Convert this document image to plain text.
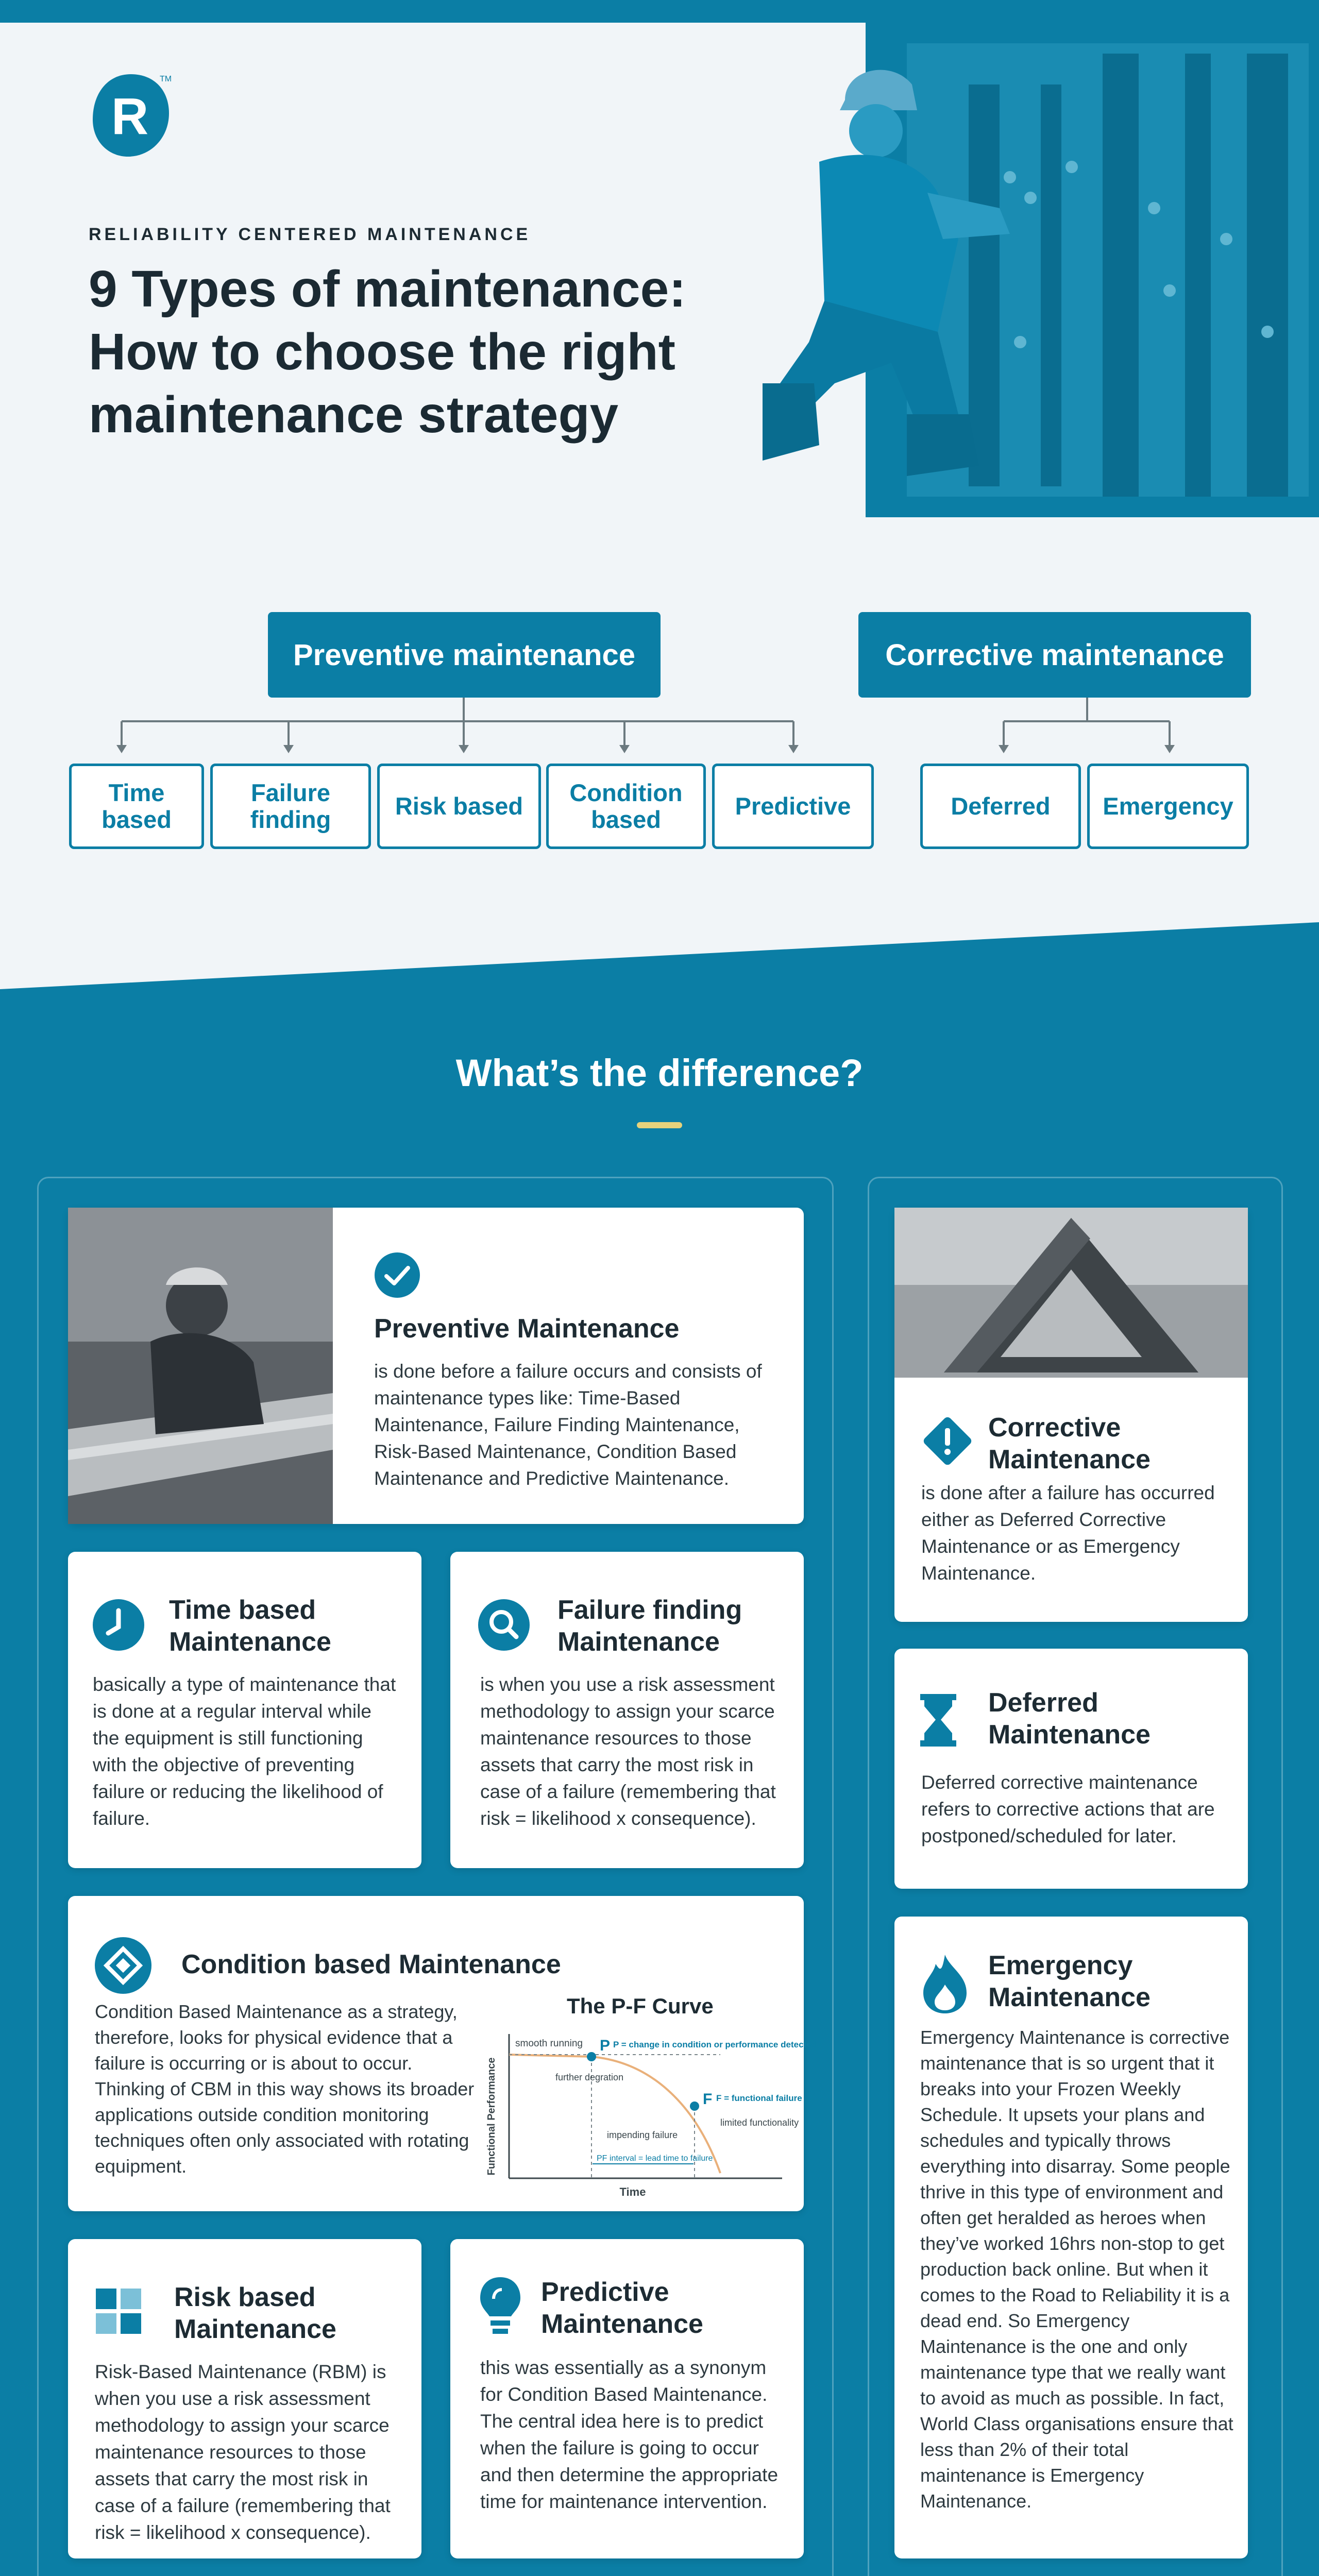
R
TM
RELIABILITY CENTERED MAINTENANCE
9 Types of maintenance:
How to choose the right
maintenance strategy
Preventive maintenance	Corrective maintenance
Time based
Failure finding	Risk based	Condition based	Predictive	Deferred	Emergency
What’s the difference?
Preventive Maintenance

is done before a failure occurs and consists of maintenance types like: Time-Based Maintenance, Failure Finding Maintenance, Risk-Based Maintenance, Condition Based Maintenance and Predictive Maintenance.

Time based
Maintenance

basically a type of maintenance that is done at a regular interval while the equipment is still functioning with the objective of preventing failure or reducing the likelihood of failure.

Failure finding
Maintenance

is when you use a risk assessment methodology to assign your scarce maintenance resources to those assets that carry the most risk in case of a failure (remembering that risk = likelihood x consequence).

Condition based Maintenance

Condition Based Maintenance as a strategy, therefore, looks for physical evidence that a failure is occurring or is about to occur. Thinking of CBM in this way shows its broader applications outside condition monitoring techniques often only associated with rotating equipment.

The P-F Curve
Functional Performance
Time
smooth running P P = change in condition or performance detected
further degration
F F = functional failure
limited functionality
impending failure
PF interval = lead time to failure
Risk based
Maintenance

Risk-Based Maintenance (RBM) is when you use a risk assessment methodology to assign your scarce maintenance resources to those assets that carry the most risk in case of a failure (remembering that risk = likelihood x consequence).

Predictive
Maintenance

this was essentially as a synonym for Condition Based Maintenance. The central idea here is to predict when the failure is going to occur and then determine the appropriate time for maintenance intervention.

Corrective
Maintenance

is done after a failure has occurred either as Deferred Corrective Maintenance or as Emergency Maintenance.

Deferred
Maintenance

Deferred corrective maintenance refers to corrective actions that are postponed/scheduled for later.

Emergency
Maintenance

Emergency Maintenance is corrective maintenance that is so urgent that it breaks into your Frozen Weekly Schedule. It upsets your plans and schedules and typically throws everything into disarray. Some people thrive in this type of environment and often get heralded as heroes when they’ve worked 16hrs non-stop to get production back online. But when it comes to the Road to Reliability it is a dead end. So Emergency Maintenance is the one and only maintenance type that we really want to avoid as much as possible. In fact, World Class organisations ensure that less than 2% of their total maintenance is Emergency Maintenance.
